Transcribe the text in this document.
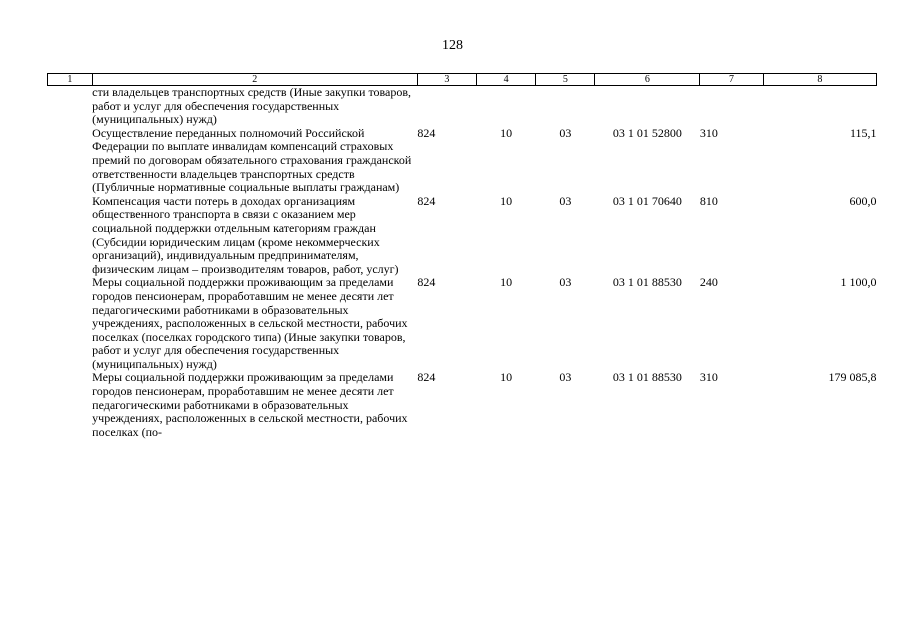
128
1	2	3	4	5	6	7	8
	сти владельцев транспортных средств (Иные закупки товаров, работ и услуг для обеспечения государственных (муниципальных) нужд)						
	Осуществление переданных полномочий Российской Федерации по выплате инвалидам компенсаций страховых премий по договорам обязательного страхования гражданской ответственности владельцев транспортных средств (Публичные нормативные социальные выплаты гражданам)	824	10	03	03 1 01 52800	310	115,1
	Компенсация части потерь в доходах организациям общественного транспорта в связи с оказанием мер социальной поддержки отдельным категориям граждан (Субсидии юридическим лицам (кроме некоммерческих организаций), индивидуальным предпринимателям, физическим лицам – производителям товаров, работ, услуг)	824	10	03	03 1 01 70640	810	600,0
	Меры социальной поддержки проживающим за пределами городов пенсионерам, проработавшим не менее десяти лет педагогическими работниками в образовательных учреждениях, расположенных в сельской местности, рабочих поселках (поселках городского типа) (Иные закупки товаров, работ и услуг для обеспечения государственных (муниципальных) нужд)	824	10	03	03 1 01 88530	240	1 100,0
	Меры социальной поддержки проживающим за пределами городов пенсионерам, проработавшим не менее десяти лет педагогическими работниками в образовательных учреждениях, расположенных в сельской местности, рабочих поселках (по-	824	10	03	03 1 01 88530	310	179 085,8
